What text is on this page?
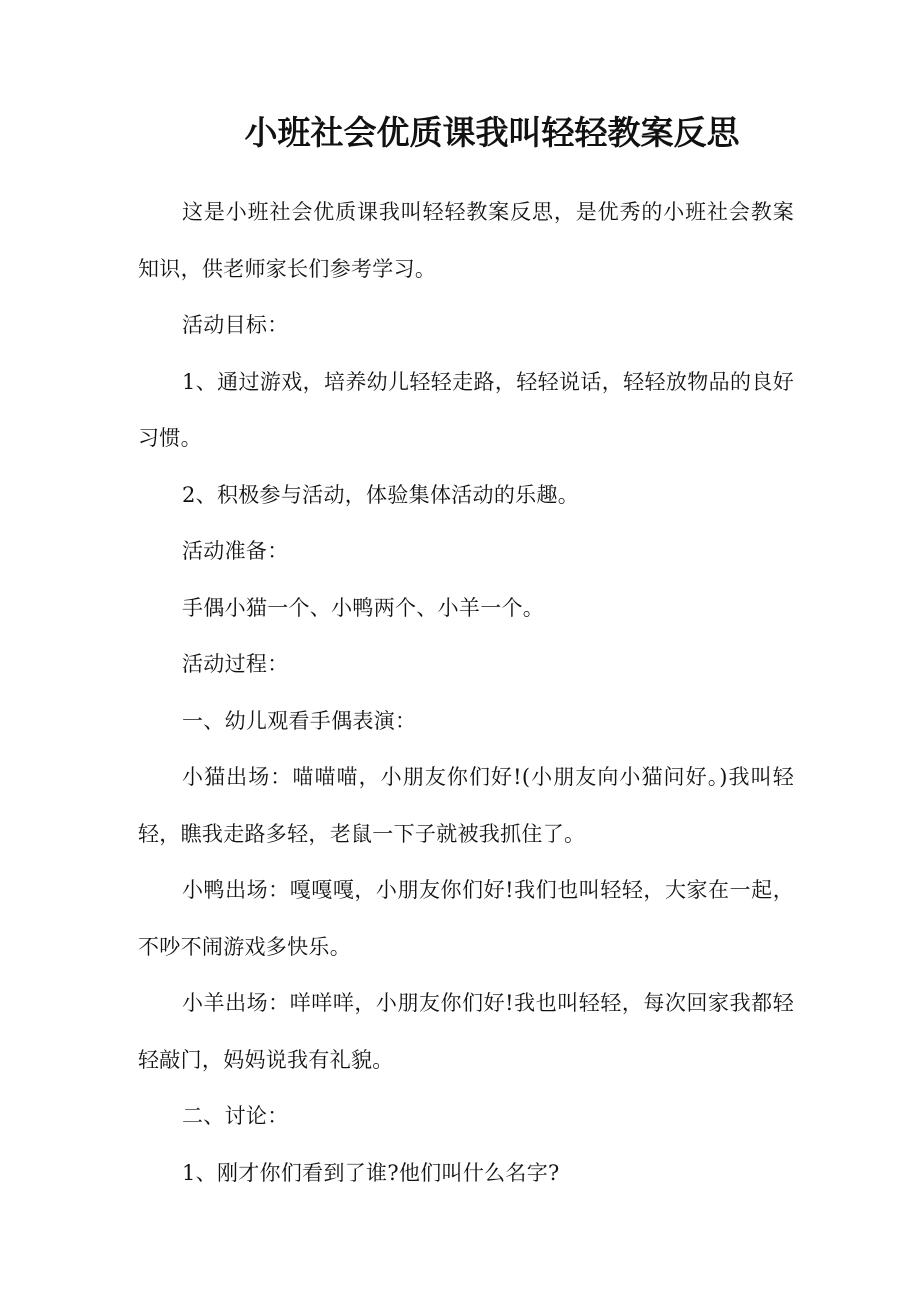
小班社会优质课我叫轻轻教案反思

这是小班社会优质课我叫轻轻教案反思，是优秀的小班社会教案知识，供老师家长们参考学习。

活动目标：

1、通过游戏，培养幼儿轻轻走路，轻轻说话，轻轻放物品的良好习惯。

2、积极参与活动，体验集体活动的乐趣。

活动准备：

手偶小猫一个、小鸭两个、小羊一个。

活动过程：

一、幼儿观看手偶表演：

小猫出场：喵喵喵，小朋友你们好!(小朋友向小猫问好。)我叫轻轻，瞧我走路多轻，老鼠一下子就被我抓住了。

小鸭出场：嘎嘎嘎，小朋友你们好!我们也叫轻轻，大家在一起，不吵不闹游戏多快乐。

小羊出场：咩咩咩，小朋友你们好!我也叫轻轻，每次回家我都轻轻敲门，妈妈说我有礼貌。

二、讨论：

1、刚才你们看到了谁?他们叫什么名字?
